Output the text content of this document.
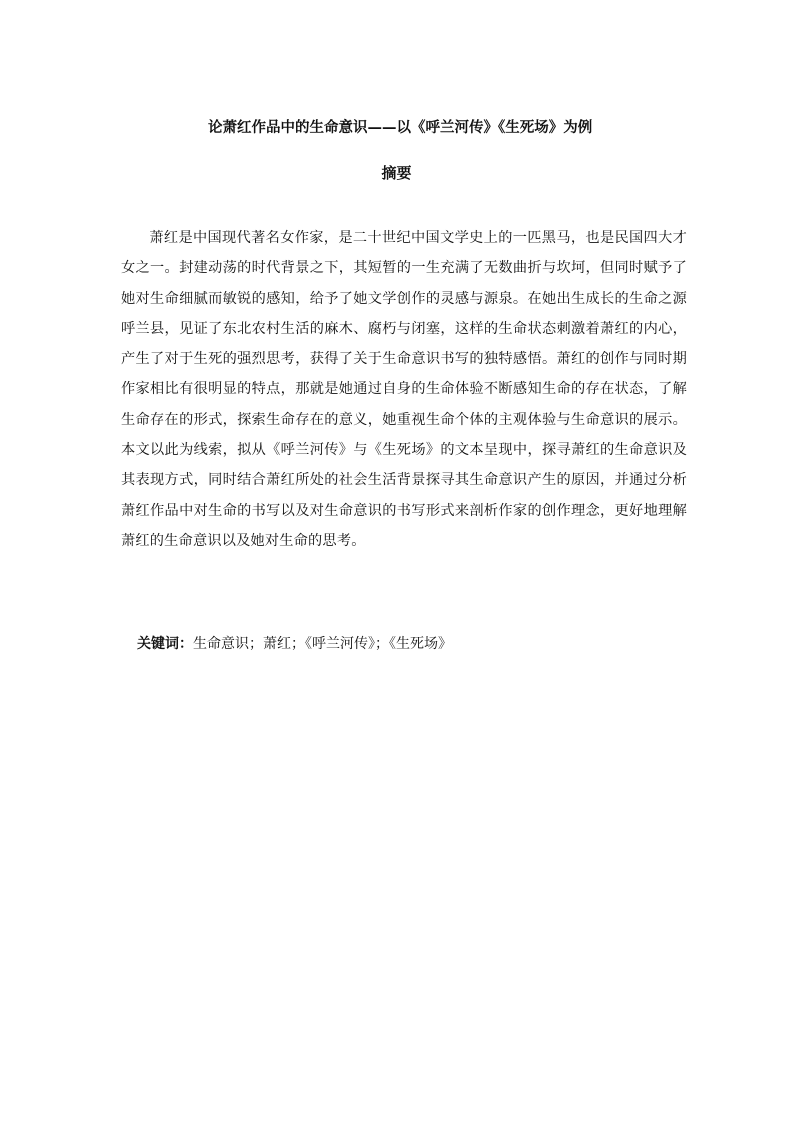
论萧红作品中的生命意识——以《呼兰河传》《生死场》为例
摘要
萧红是中国现代著名女作家，是二十世纪中国文学史上的一匹黑马，也是民国四大才女之一。封建动荡的时代背景之下，其短暂的一生充满了无数曲折与坎坷，但同时赋予了她对生命细腻而敏锐的感知，给予了她文学创作的灵感与源泉。在她出生成长的生命之源呼兰县，见证了东北农村生活的麻木、腐朽与闭塞，这样的生命状态刺激着萧红的内心，产生了对于生死的强烈思考，获得了关于生命意识书写的独特感悟。萧红的创作与同时期作家相比有很明显的特点，那就是她通过自身的生命体验不断感知生命的存在状态，了解生命存在的形式，探索生命存在的意义，她重视生命个体的主观体验与生命意识的展示。本文以此为线索，拟从《呼兰河传》与《生死场》的文本呈现中，探寻萧红的生命意识及其表现方式，同时结合萧红所处的社会生活背景探寻其生命意识产生的原因，并通过分析萧红作品中对生命的书写以及对生命意识的书写形式来剖析作家的创作理念，更好地理解萧红的生命意识以及她对生命的思考。
关键词：生命意识；萧红；《呼兰河传》；《生死场》
